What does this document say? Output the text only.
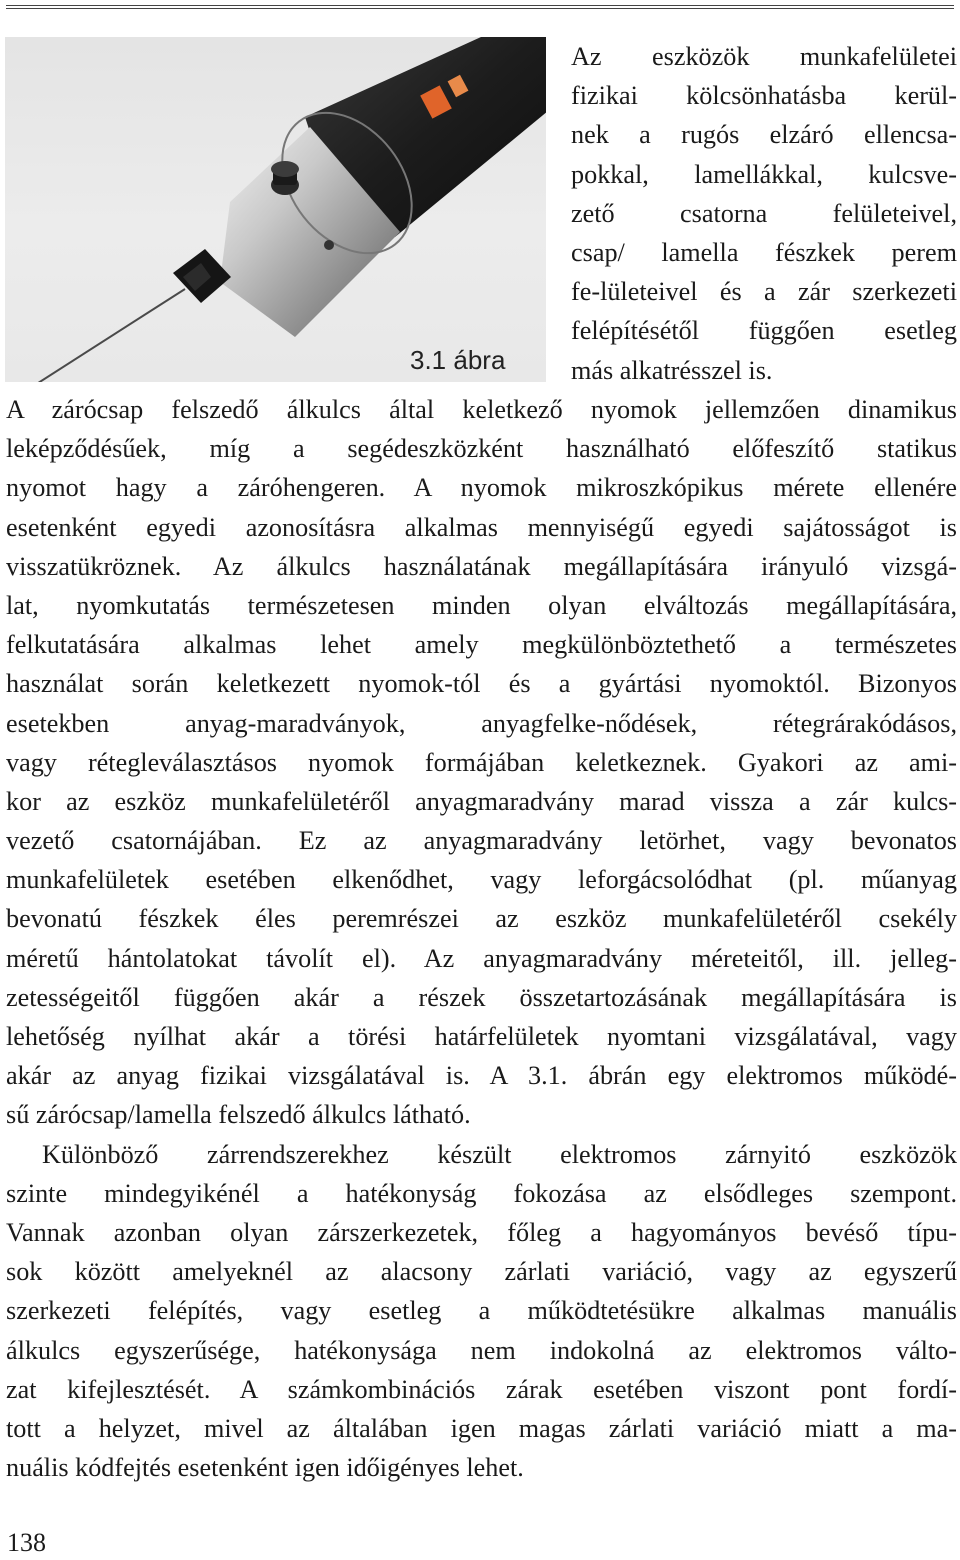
3.1 ábra
Az eszközök munkafelületei
fizikai kölcsönhatásba kerül-
nek a rugós elzáró ellencsa-
pokkal, lamellákkal, kulcsve-
zető csatorna felületeivel,
csap/ lamella fészkek perem
fe-lületeivel és a zár szerkezeti
felépítésétől függően esetleg
más alkatrésszel is.
A zárócsap felszedő álkulcs által keletkező nyomok jellemzően dinamikus
leképződésűek, míg a segédeszközként használható előfeszítő statikus
nyomot hagy a záróhengeren. A nyomok mikroszkópikus mérete ellenére
esetenként egyedi azonosításra alkalmas mennyiségű egyedi sajátosságot is
visszatükröznek. Az álkulcs használatának megállapítására irányuló vizsgá-
lat, nyomkutatás természetesen minden olyan elváltozás megállapítására,
felkutatására alkalmas lehet amely megkülönböztethető a természetes
használat során keletkezett nyomok-tól és a gyártási nyomoktól. Bizonyos
esetekben anyag-maradványok, anyagfelke-nődések, rétegrárakódásos,
vagy rétegleválasztásos nyomok formájában keletkeznek. Gyakori az ami-
kor az eszköz munkafelületéről anyagmaradvány marad vissza a zár kulcs-
vezető csatornájában. Ez az anyagmaradvány letörhet, vagy bevonatos
munkafelületek esetében elkenődhet, vagy leforgácsolódhat (pl. műanyag
bevonatú fészkek éles peremrészei az eszköz munkafelületéről csekély
méretű hántolatokat távolít el). Az anyagmaradvány méreteitől, ill. jelleg-
zetességeitől függően akár a részek összetartozásának megállapítására is
lehetőség nyílhat akár a törési határfelületek nyomtani vizsgálatával, vagy
akár az anyag fizikai vizsgálatával is. A 3.1. ábrán egy elektromos működé-
sű zárócsap/lamella felszedő álkulcs látható.
Különböző zárrendszerekhez készült elektromos zárnyitó eszközök
szinte mindegyikénél a hatékonyság fokozása az elsődleges szempont.
Vannak azonban olyan zárszerkezetek, főleg a hagyományos bevéső típu-
sok között amelyeknél az alacsony zárlati variáció, vagy az egyszerű
szerkezeti felépítés, vagy esetleg a működtetésükre alkalmas manuális
álkulcs egyszerűsége, hatékonysága nem indokolná az elektromos válto-
zat kifejlesztését. A számkombinációs zárak esetében viszont pont fordí-
tott a helyzet, mivel az általában igen magas zárlati variáció miatt a ma-
nuális kódfejtés esetenként igen időigényes lehet.
138
